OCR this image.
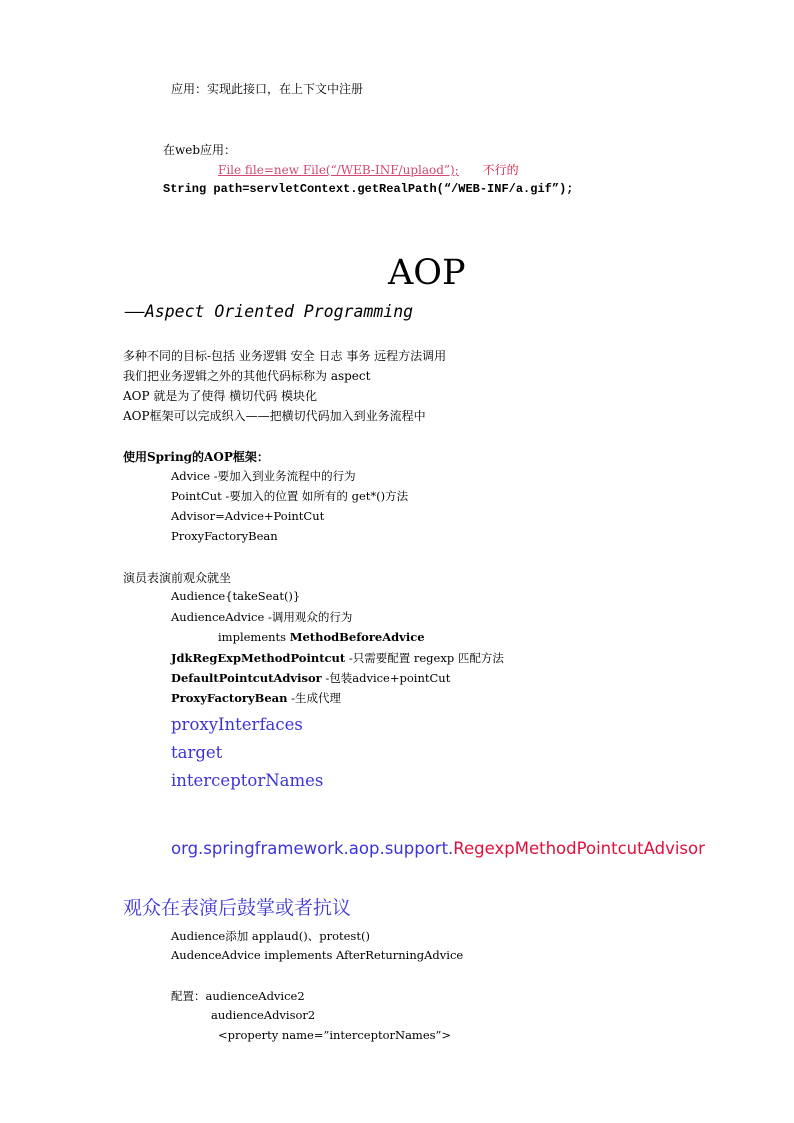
应用：实现此接口，在上下文中注册
在web应用：
File file=new File(“/WEB-INF/uplaod”); 不行的
String path=servletContext.getRealPath(“/WEB-INF/a.gif”);
AOP
——Aspect Oriented Programming
多种不同的目标-包括 业务逻辑 安全 日志 事务 远程方法调用
我们把业务逻辑之外的其他代码标称为 aspect
AOP 就是为了使得 横切代码 模块化
AOP框架可以完成织入——把横切代码加入到业务流程中
使用Spring的AOP框架：
Advice -要加入到业务流程中的行为
PointCut -要加入的位置 如所有的 get*()方法
Advisor=Advice+PointCut
ProxyFactoryBean
演员表演前观众就坐
Audience{takeSeat()}
AudienceAdvice -调用观众的行为
implements MethodBeforeAdvice
JdkRegExpMethodPointcut -只需要配置 regexp 匹配方法
DefaultPointcutAdvisor -包装advice+pointCut
ProxyFactoryBean -生成代理
proxyInterfaces
target
interceptorNames
org.springframework.aop.support.RegexpMethodPointcutAdvisor
观众在表演后鼓掌或者抗议
Audience添加 applaud()、protest()
AudenceAdvice implements AfterReturningAdvice
配置：audienceAdvice2
audienceAdvisor2
<property name=”interceptorNames”>
